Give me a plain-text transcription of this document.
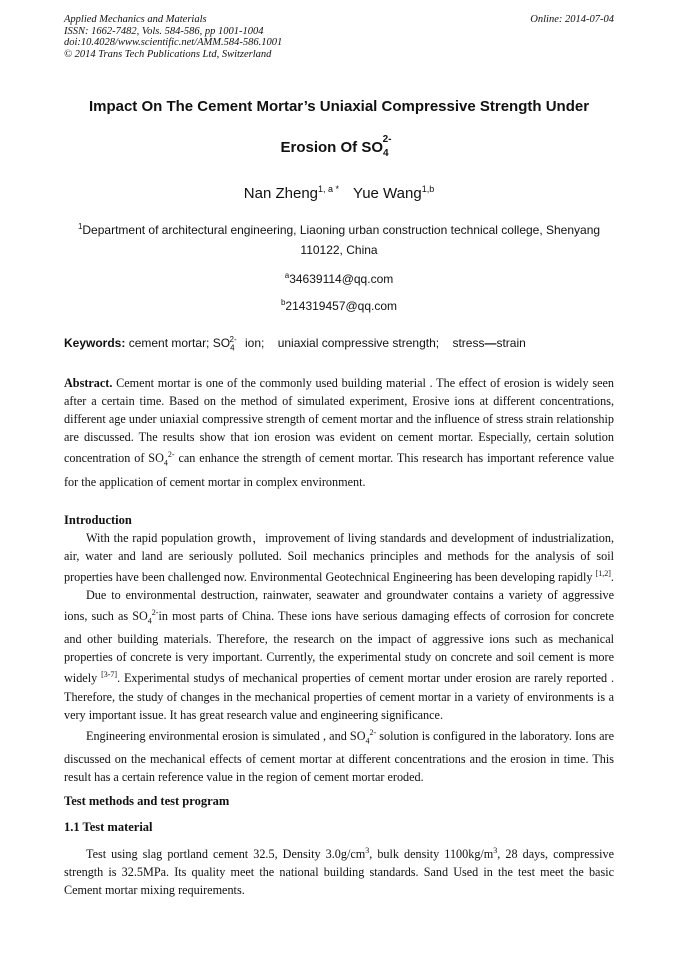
Applied Mechanics and Materials
ISSN: 1662-7482, Vols. 584-586, pp 1001-1004
doi:10.4028/www.scientific.net/AMM.584-586.1001
© 2014 Trans Tech Publications Ltd, Switzerland
Online: 2014-07-04
Impact On The Cement Mortar’s Uniaxial Compressive Strength Under
Erosion Of $SO_4^{2-}$
Nan Zheng$^{1, a *}$ Yue Wang$^{1,b}$
$^1$Department of architectural engineering, Liaoning urban construction technical college, Shenyang
110122, China
$^a$34639114@qq.com
$^b$214319457@qq.com
Keywords: cement mortar; $SO_4^{2-}$ ion; uniaxial compressive strength; stress—strain
Abstract. Cement mortar is one of the commonly used building material . The effect of erosion is widely seen after a certain time. Based on the method of simulated experiment, Erosive ions at different concentrations, different age under uniaxial compressive strength of cement mortar and the influence of stress strain relationship are discussed. The results show that ion erosion was evident on cement mortar. Especially, certain solution concentration of $SO_4^{2-}$ can enhance the strength of cement mortar. This research has important reference value for the application of cement mortar in complex environment.
Introduction
With the rapid population growth，improvement of living standards and development of industrialization, air, water and land are seriously polluted. Soil mechanics principles and methods for the analysis of soil properties have been challenged now. Environmental Geotechnical Engineering has been developing rapidly [1,2].
Due to environmental destruction, rainwater, seawater and groundwater contains a variety of aggressive ions, such as $SO_4^{2-}in$ most parts of China. These ions have serious damaging effects of corrosion for concrete and other building materials. Therefore, the research on the impact of aggressive ions such as mechanical properties of concrete is very important. Currently, the experimental study on concrete and soil cement is more widely [3-7]. Experimental studys of mechanical properties of cement mortar under erosion are rarely reported . Therefore, the study of changes in the mechanical properties of cement mortar in a variety of environments is a very important issue. It has great research value and engineering significance.
Engineering environmental erosion is simulated , and $SO_4^{2-}$ solution is configured in the laboratory. Ions are discussed on the mechanical effects of cement mortar at different concentrations and the erosion in time. This result has a certain reference value in the region of cement mortar eroded.
Test methods and test program
1.1 Test material
Test using slag portland cement 32.5, Density $3.0g/cm^3$, bulk density $1100kg/m^3$, 28 days, compressive strength is 32.5MPa. Its quality meet the national building standards. Sand Used in the test meet the basic Cement mortar mixing requirements.
